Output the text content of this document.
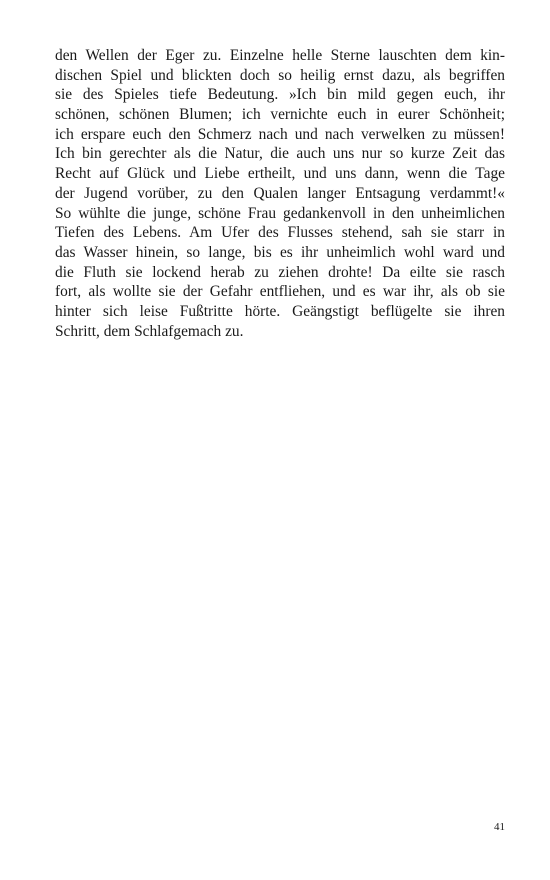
den Wellen der Eger zu. Einzelne helle Sterne lauschten dem kin-
dischen Spiel und blickten doch so heilig ernst dazu, als begriffen
sie des Spieles tiefe Bedeutung. »Ich bin mild gegen euch, ihr
schönen, schönen Blumen; ich vernichte euch in eurer Schönheit;
ich erspare euch den Schmerz nach und nach verwelken zu müssen!
Ich bin gerechter als die Natur, die auch uns nur so kurze Zeit das
Recht auf Glück und Liebe ertheilt, und uns dann, wenn die Tage
der Jugend vorüber, zu den Qualen langer Entsagung verdammt!«
So wühlte die junge, schöne Frau gedankenvoll in den unheimlichen
Tiefen des Lebens. Am Ufer des Flusses stehend, sah sie starr in
das Wasser hinein, so lange, bis es ihr unheimlich wohl ward und
die Fluth sie lockend herab zu ziehen drohte! Da eilte sie rasch
fort, als wollte sie der Gefahr entfliehen, und es war ihr, als ob sie
hinter sich leise Fußtritte hörte. Geängstigt beflügelte sie ihren
Schritt, dem Schlafgemach zu.
41
